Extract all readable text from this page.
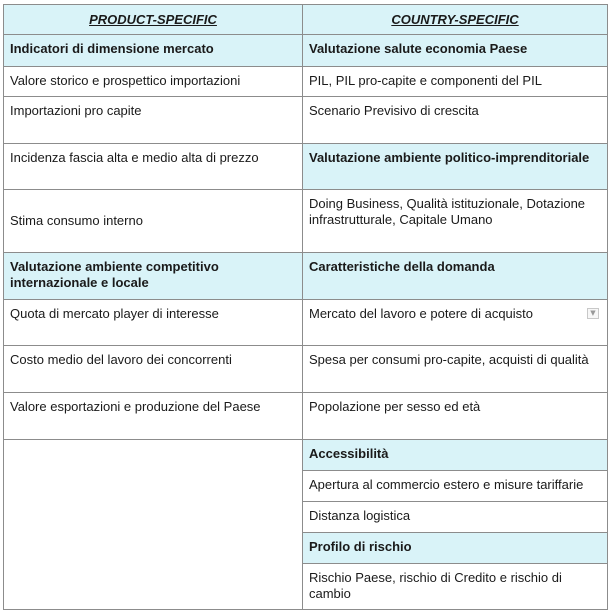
PRODUCT-SPECIFIC	COUNTRY-SPECIFIC
Indicatori di dimensione mercato	Valutazione salute economia Paese
Valore storico e prospettico importazioni	PIL, PIL pro-capite e componenti del PIL
Importazioni pro capite	Scenario Previsivo di crescita
Incidenza fascia alta e medio alta di prezzo	Valutazione ambiente politico-imprenditoriale
Stima consumo interno	Doing Business, Qualità istituzionale, Dotazione infrastrutturale, Capitale Umano
Valutazione ambiente competitivo internazionale e locale	Caratteristiche della domanda
Quota di mercato player di interesse	Mercato del lavoro e potere di acquisto ▼

Costo medio del lavoro dei concorrenti	Spesa per consumi pro-capite, acquisti di qualità
Valore esportazioni e produzione del Paese	Popolazione per sesso ed età
	Accessibilità
	Apertura al commercio estero e misure tariffarie
	Distanza logistica
	Profilo di rischio
	Rischio Paese, rischio di Credito e rischio di cambio
